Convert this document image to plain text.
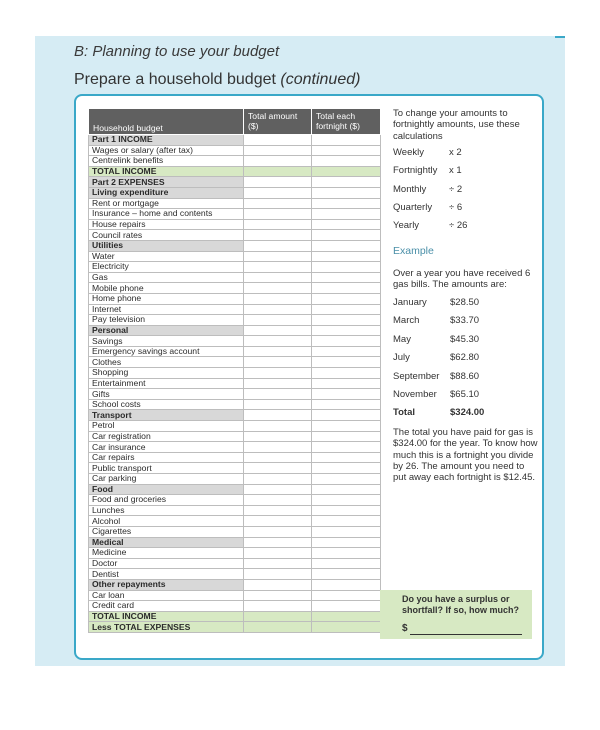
B: Planning to use your budget
Prepare a household budget (continued)
Household budget	Total amount ($)	Total each fortnight ($)
Part 1 INCOME		
Wages or salary (after tax)		
Centrelink benefits		
TOTAL INCOME		
Part 2 EXPENSES		
Living expenditure		
Rent or mortgage		
Insurance – home and contents		
House repairs		
Council rates		
Utilities		
Water		
Electricity		
Gas		
Mobile phone		
Home phone		
Internet		
Pay television		
Personal		
Savings		
Emergency savings account		
Clothes		
Shopping		
Entertainment		
Gifts		
School costs		
Transport		
Petrol		
Car registration		
Car insurance		
Car repairs		
Public transport		
Car parking		
Food		
Food and groceries		
Lunches		
Alcohol		
Cigarettes		
Medical		
Medicine		
Doctor		
Dentist		
Other repayments		
Car loan		
Credit card		
TOTAL INCOME		
Less TOTAL EXPENSES		
To change your amounts to fortnightly amounts, use these calculations
Weekly	x 2
Fortnightly x 1
Monthly ÷ 2
Quarterly ÷ 6
Yearly	÷ 26
Example
Over a year you have received 6 gas bills. The amounts are:
January $28.50
March	$33.70
May	$45.30
July	$62.80
September $88.60
November $65.10
Total	$324.00
The total you have paid for gas is $324.00 for the year. To know how much this is a fortnight you divide by 26. The amount you need to put away each fortnight is $12.45.
Do you have a surplus or shortfall? If so, how much?
$
